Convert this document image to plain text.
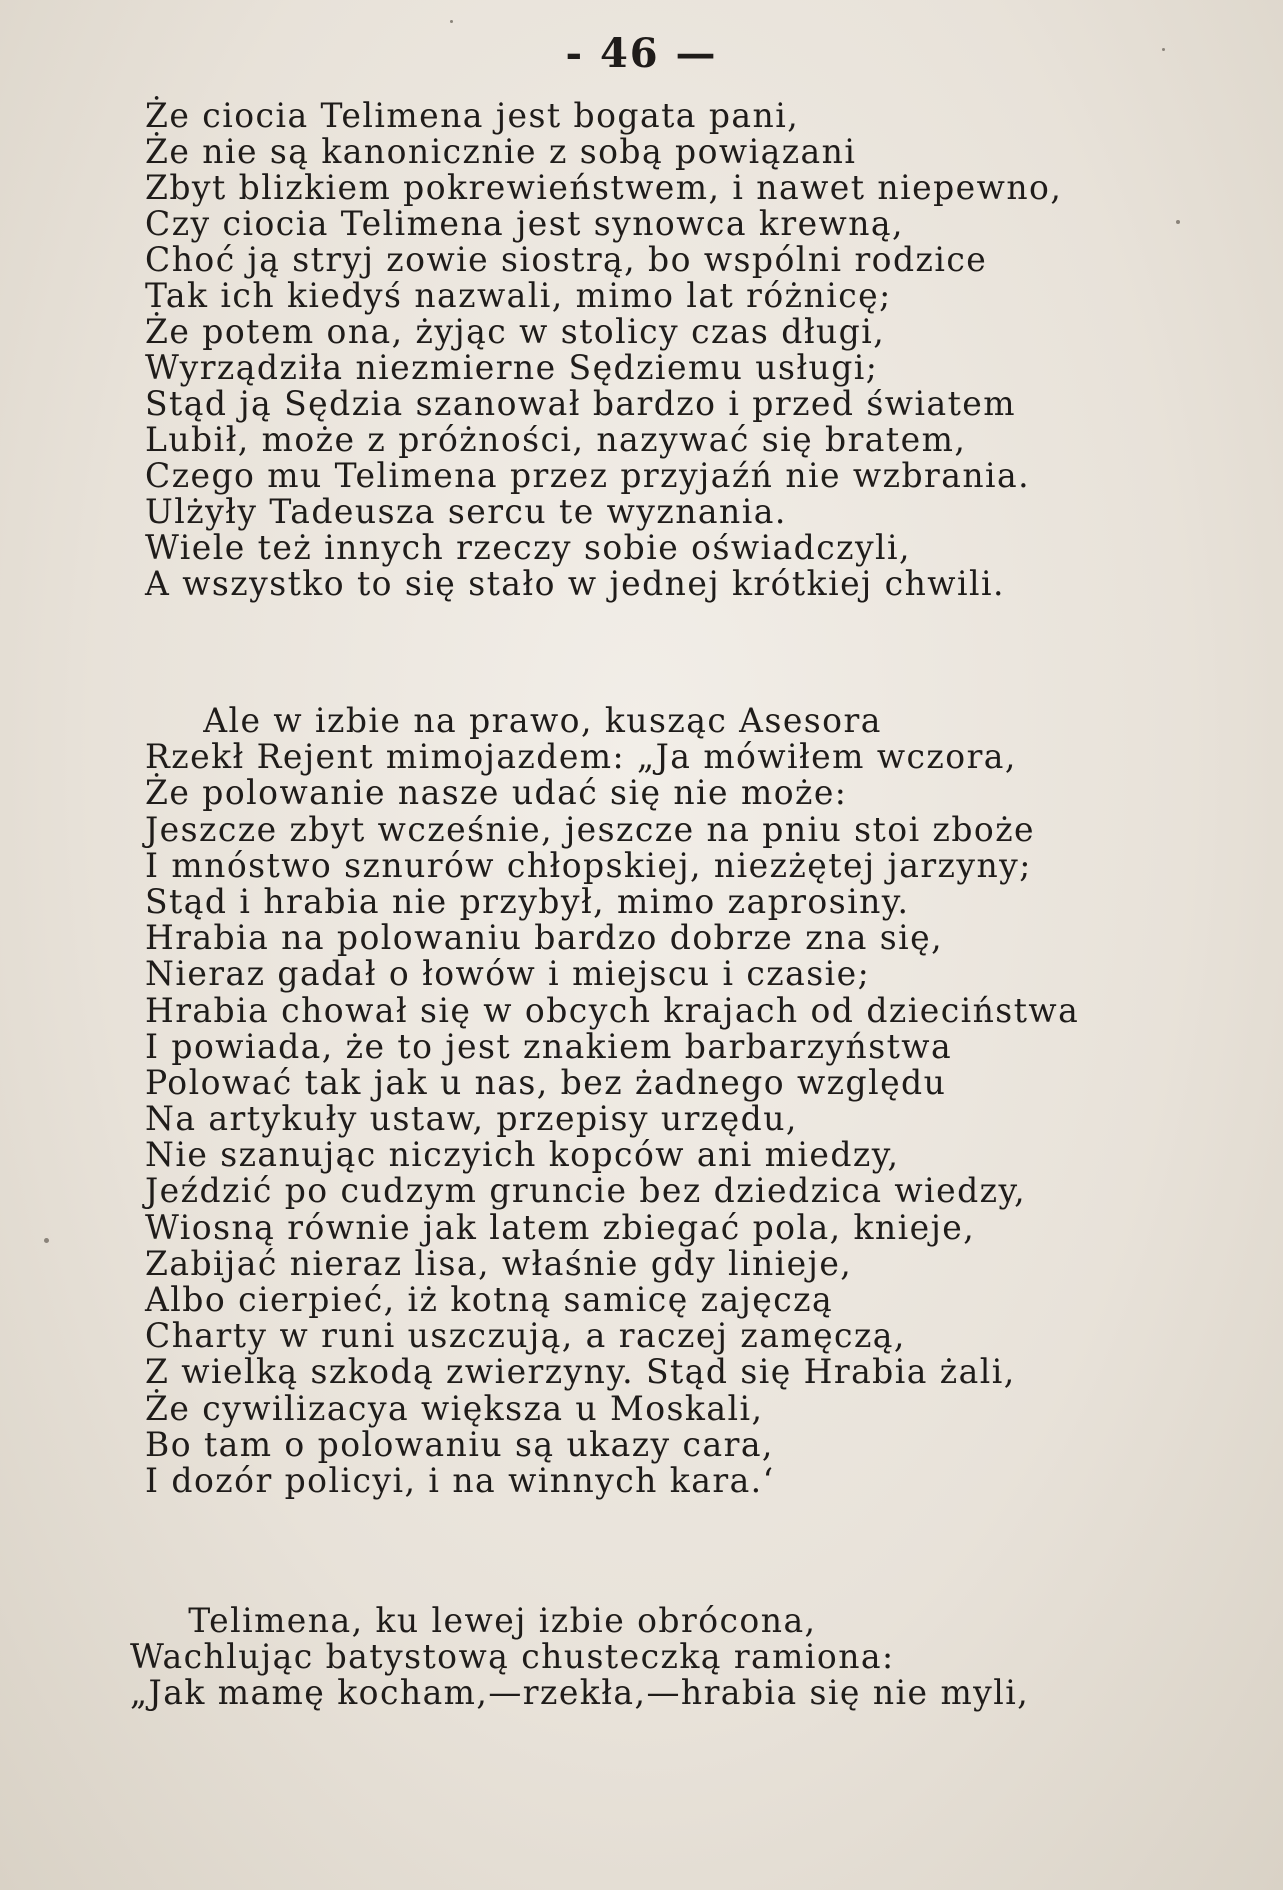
- 46 —
Że ciocia Telimena jest bogata pani,
Że nie są kanonicznie z sobą powiązani
Zbyt blizkiem pokrewieństwem, i nawet niepewno,
Czy ciocia Telimena jest synowca krewną,
Choć ją stryj zowie siostrą, bo wspólni rodzice
Tak ich kiedyś nazwali, mimo lat różnicę;
Że potem ona, żyjąc w stolicy czas długi,
Wyrządziła niezmierne Sędziemu usługi;
Stąd ją Sędzia szanował bardzo i przed światem
Lubił, może z próżności, nazywać się bratem,
Czego mu Telimena przez przyjaźń nie wzbrania.
Ulżyły Tadeusza sercu te wyznania.
Wiele też innych rzeczy sobie oświadczyli,
A wszystko to się stało w jednej krótkiej chwili.
Ale w izbie na prawo, kusząc Asesora
Rzekł Rejent mimojazdem: „Ja mówiłem wczora,
Że polowanie nasze udać się nie może:
Jeszcze zbyt wcześnie, jeszcze na pniu stoi zboże
I mnóstwo sznurów chłopskiej, niezżętej jarzyny;
Stąd i hrabia nie przybył, mimo zaprosiny.
Hrabia na polowaniu bardzo dobrze zna się,
Nieraz gadał o łowów i miejscu i czasie;
Hrabia chował się w obcych krajach od dzieciństwa
I powiada, że to jest znakiem barbarzyństwa
Polować tak jak u nas, bez żadnego względu
Na artykuły ustaw, przepisy urzędu,
Nie szanując niczyich kopców ani miedzy,
Jeździć po cudzym gruncie bez dziedzica wiedzy,
Wiosną równie jak latem zbiegać pola, knieje,
Zabijać nieraz lisa, właśnie gdy linieje,
Albo cierpieć, iż kotną samicę zajęczą
Charty w runi uszczują, a raczej zamęczą,
Z wielką szkodą zwierzyny. Stąd się Hrabia żali,
Że cywilizacya większa u Moskali,
Bo tam o polowaniu są ukazy cara,
I dozór policyi, i na winnych kara.‘
Telimena, ku lewej izbie obrócona,
Wachlując batystową chusteczką ramiona:
„Jak mamę kocham,—rzekła,—hrabia się nie myli,
